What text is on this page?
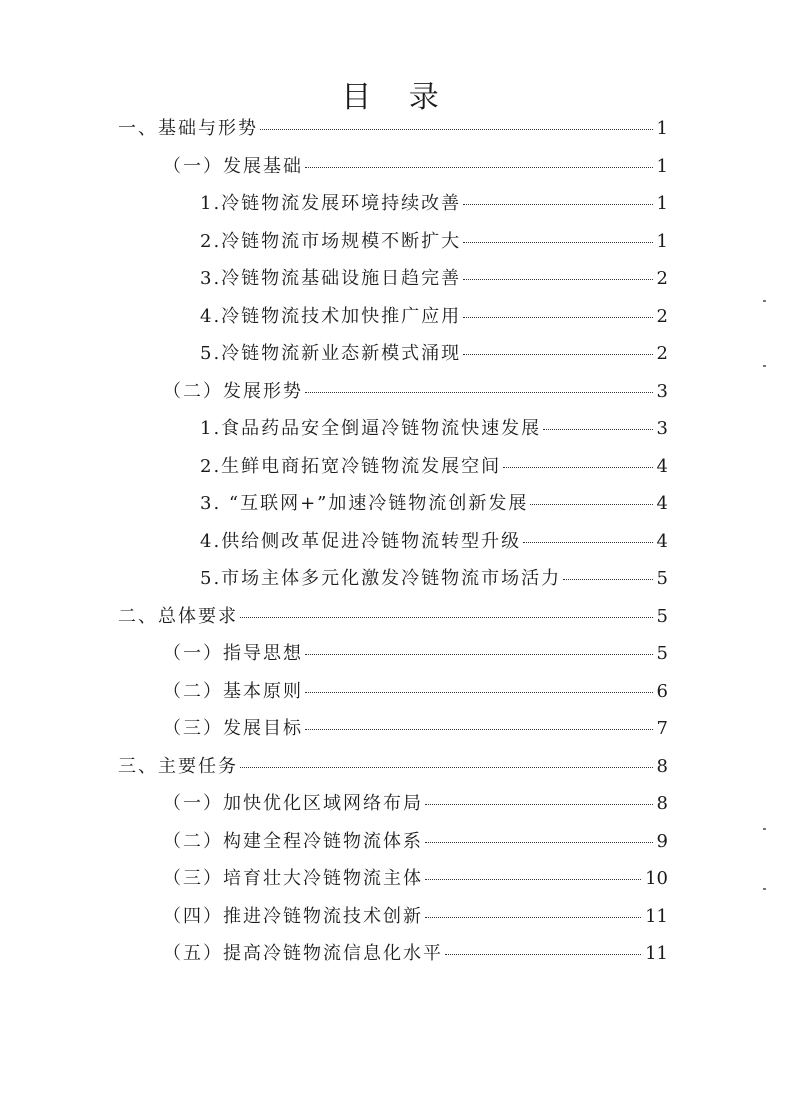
目 录
一、基础与形势	1
（一）发展基础	1
1.冷链物流发展环境持续改善	1
2.冷链物流市场规模不断扩大	1
3.冷链物流基础设施日趋完善	2
4.冷链物流技术加快推广应用	2
5.冷链物流新业态新模式涌现	2
（二）发展形势	3
1.食品药品安全倒逼冷链物流快速发展	3
2.生鲜电商拓宽冷链物流发展空间	4
3. “互联网+”加速冷链物流创新发展	4
4.供给侧改革促进冷链物流转型升级	4
5.市场主体多元化激发冷链物流市场活力	5
二、总体要求	5
（一）指导思想	5
（二）基本原则	6
（三）发展目标	7
三、主要任务	8
（一）加快优化区域网络布局	8
（二）构建全程冷链物流体系	9
（三）培育壮大冷链物流主体	10
（四）推进冷链物流技术创新	11
（五）提高冷链物流信息化水平	11
